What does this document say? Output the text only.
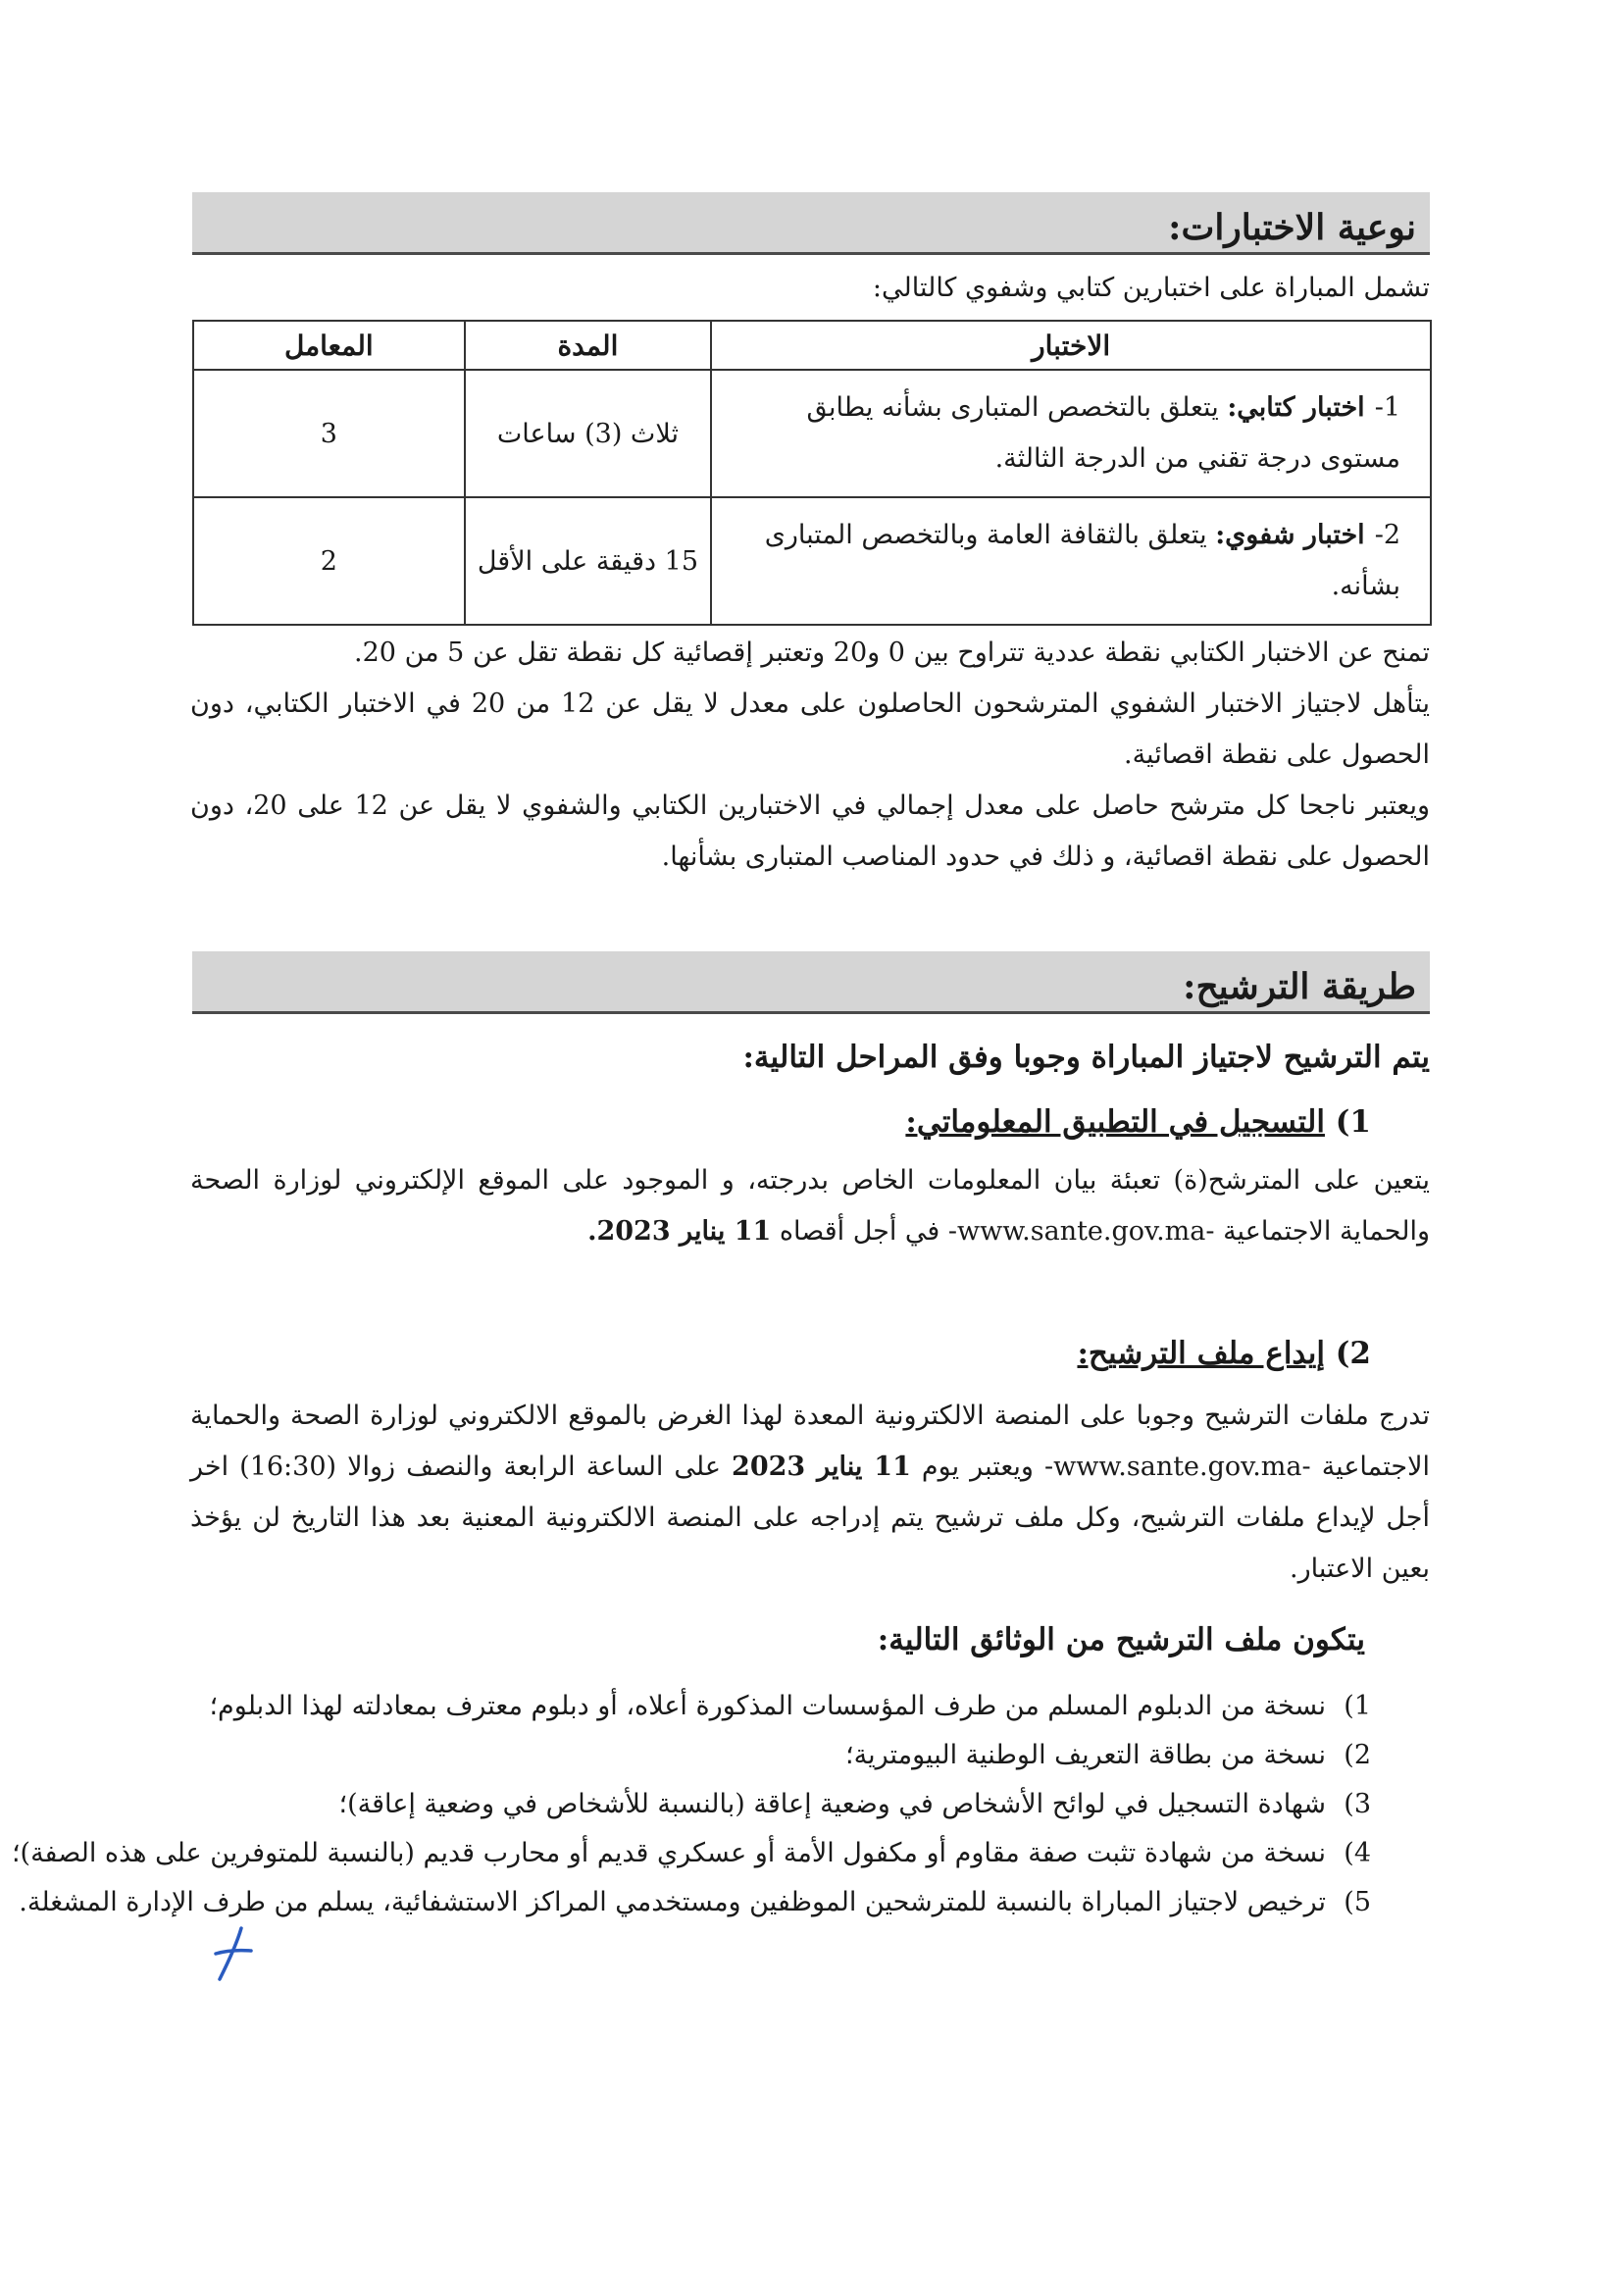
نوعية الاختبارات:
تشمل المباراة على اختبارين كتابي وشفوي كالتالي:
الاختبار	المدة	المعامل
1-اختبار كتابي: يتعلق بالتخصص المتبارى بشأنه يطابق مستوى درجة تقني من الدرجة الثالثة.	ثلاث (3) ساعات	3
2-اختبار شفوي: يتعلق بالثقافة العامة وبالتخصص المتبارى بشأنه.	15 دقيقة على الأقل	2
تمنح عن الاختبار الكتابي نقطة عددية تتراوح بين 0 و20 وتعتبر إقصائية كل نقطة تقل عن 5 من 20.
يتأهل لاجتياز الاختبار الشفوي المترشحون الحاصلون على معدل لا يقل عن 12 من 20 في الاختبار الكتابي، دون الحصول على نقطة اقصائية.
ويعتبر ناجحا كل مترشح حاصل على معدل إجمالي في الاختبارين الكتابي والشفوي لا يقل عن 12 على 20، دون الحصول على نقطة اقصائية، و ذلك في حدود المناصب المتبارى بشأنها.
طريقة الترشيح:
يتم الترشيح لاجتياز المباراة وجوبا وفق المراحل التالية:
1) التسجيل في التطبيق المعلوماتي:
يتعين على المترشح(ة) تعبئة بيان المعلومات الخاص بدرجته، و الموجود على الموقع الإلكتروني لوزارة الصحة والحماية الاجتماعية -www.sante.gov.ma- في أجل أقصاه 11 يناير 2023.
2) إيداع ملف الترشيح:
تدرج ملفات الترشيح وجوبا على المنصة الالكترونية المعدة لهذا الغرض بالموقع الالكتروني لوزارة الصحة والحماية الاجتماعية -www.sante.gov.ma- ويعتبر يوم 11 يناير 2023 على الساعة الرابعة والنصف زوالا (16:30) اخر أجل لإيداع ملفات الترشيح، وكل ملف ترشيح يتم إدراجه على المنصة الالكترونية المعنية بعد هذا التاريخ لن يؤخذ بعين الاعتبار.
يتكون ملف الترشيح من الوثائق التالية:
1)نسخة من الدبلوم المسلم من طرف المؤسسات المذكورة أعلاه، أو دبلوم معترف بمعادلته لهذا الدبلوم؛
2)نسخة من بطاقة التعريف الوطنية البيومترية؛
3)شهادة التسجيل في لوائح الأشخاص في وضعية إعاقة (بالنسبة للأشخاص في وضعية إعاقة)؛
4)نسخة من شهادة تثبت صفة مقاوم أو مكفول الأمة أو عسكري قديم أو محارب قديم (بالنسبة للمتوفرين على هذه الصفة)؛
5)ترخيص لاجتياز المباراة بالنسبة للمترشحين الموظفين ومستخدمي المراكز الاستشفائية، يسلم من طرف الإدارة المشغلة.
